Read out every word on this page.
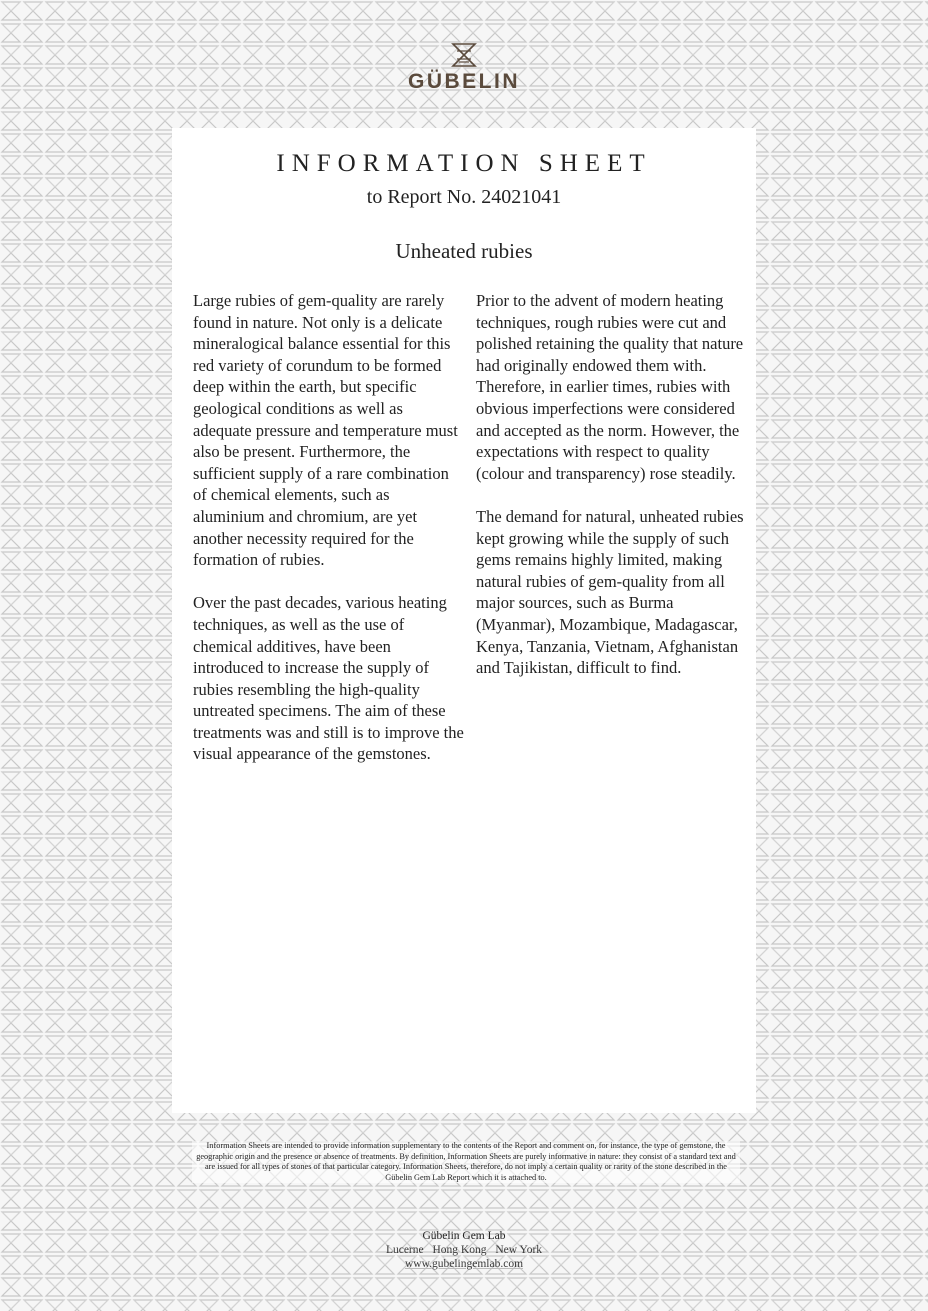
GÜBELIN
INFORMATION SHEET
to Report No. 24021041
Unheated rubies

Large rubies of gem-quality are rarely found in nature. Not only is a delicate mineralogical balance essential for this red variety of corundum to be formed deep within the earth, but specific geological conditions as well as adequate pressure and temperature must also be present. Furthermore, the sufficient supply of a rare combination of chemical elements, such as aluminium and chromium, are yet another necessity required for the formation of rubies.

Over the past decades, various heating techniques, as well as the use of chemical additives, have been introduced to increase the supply of rubies resembling the high-quality untreated specimens. The aim of these treatments was and still is to improve the visual appearance of the gemstones.

Prior to the advent of modern heating techniques, rough rubies were cut and polished retaining the quality that nature had originally endowed them with. Therefore, in earlier times, rubies with obvious imperfections were considered and accepted as the norm. However, the expectations with respect to quality (colour and transparency) rose steadily.

The demand for natural, unheated rubies kept growing while the supply of such gems remains highly limited, making natural rubies of gem-quality from all major sources, such as Burma (Myanmar), Mozambique, Madagascar, Kenya, Tanzania, Vietnam, Afghanistan and Tajikistan, difficult to find.

Information Sheets are intended to provide information supplementary to the contents of the Report and comment on, for instance, the type of gemstone, the geographic origin and the presence or absence of treatments. By definition, Information Sheets are purely informative in nature: they consist of a standard text and are issued for all types of stones of that particular category. Information Sheets, therefore, do not imply a certain quality or rarity of the stone described in the Gübelin Gem Lab Report which it is attached to.
Gübelin Gem Lab
Lucerne Hong Kong New York
www.gubelingemlab.com
